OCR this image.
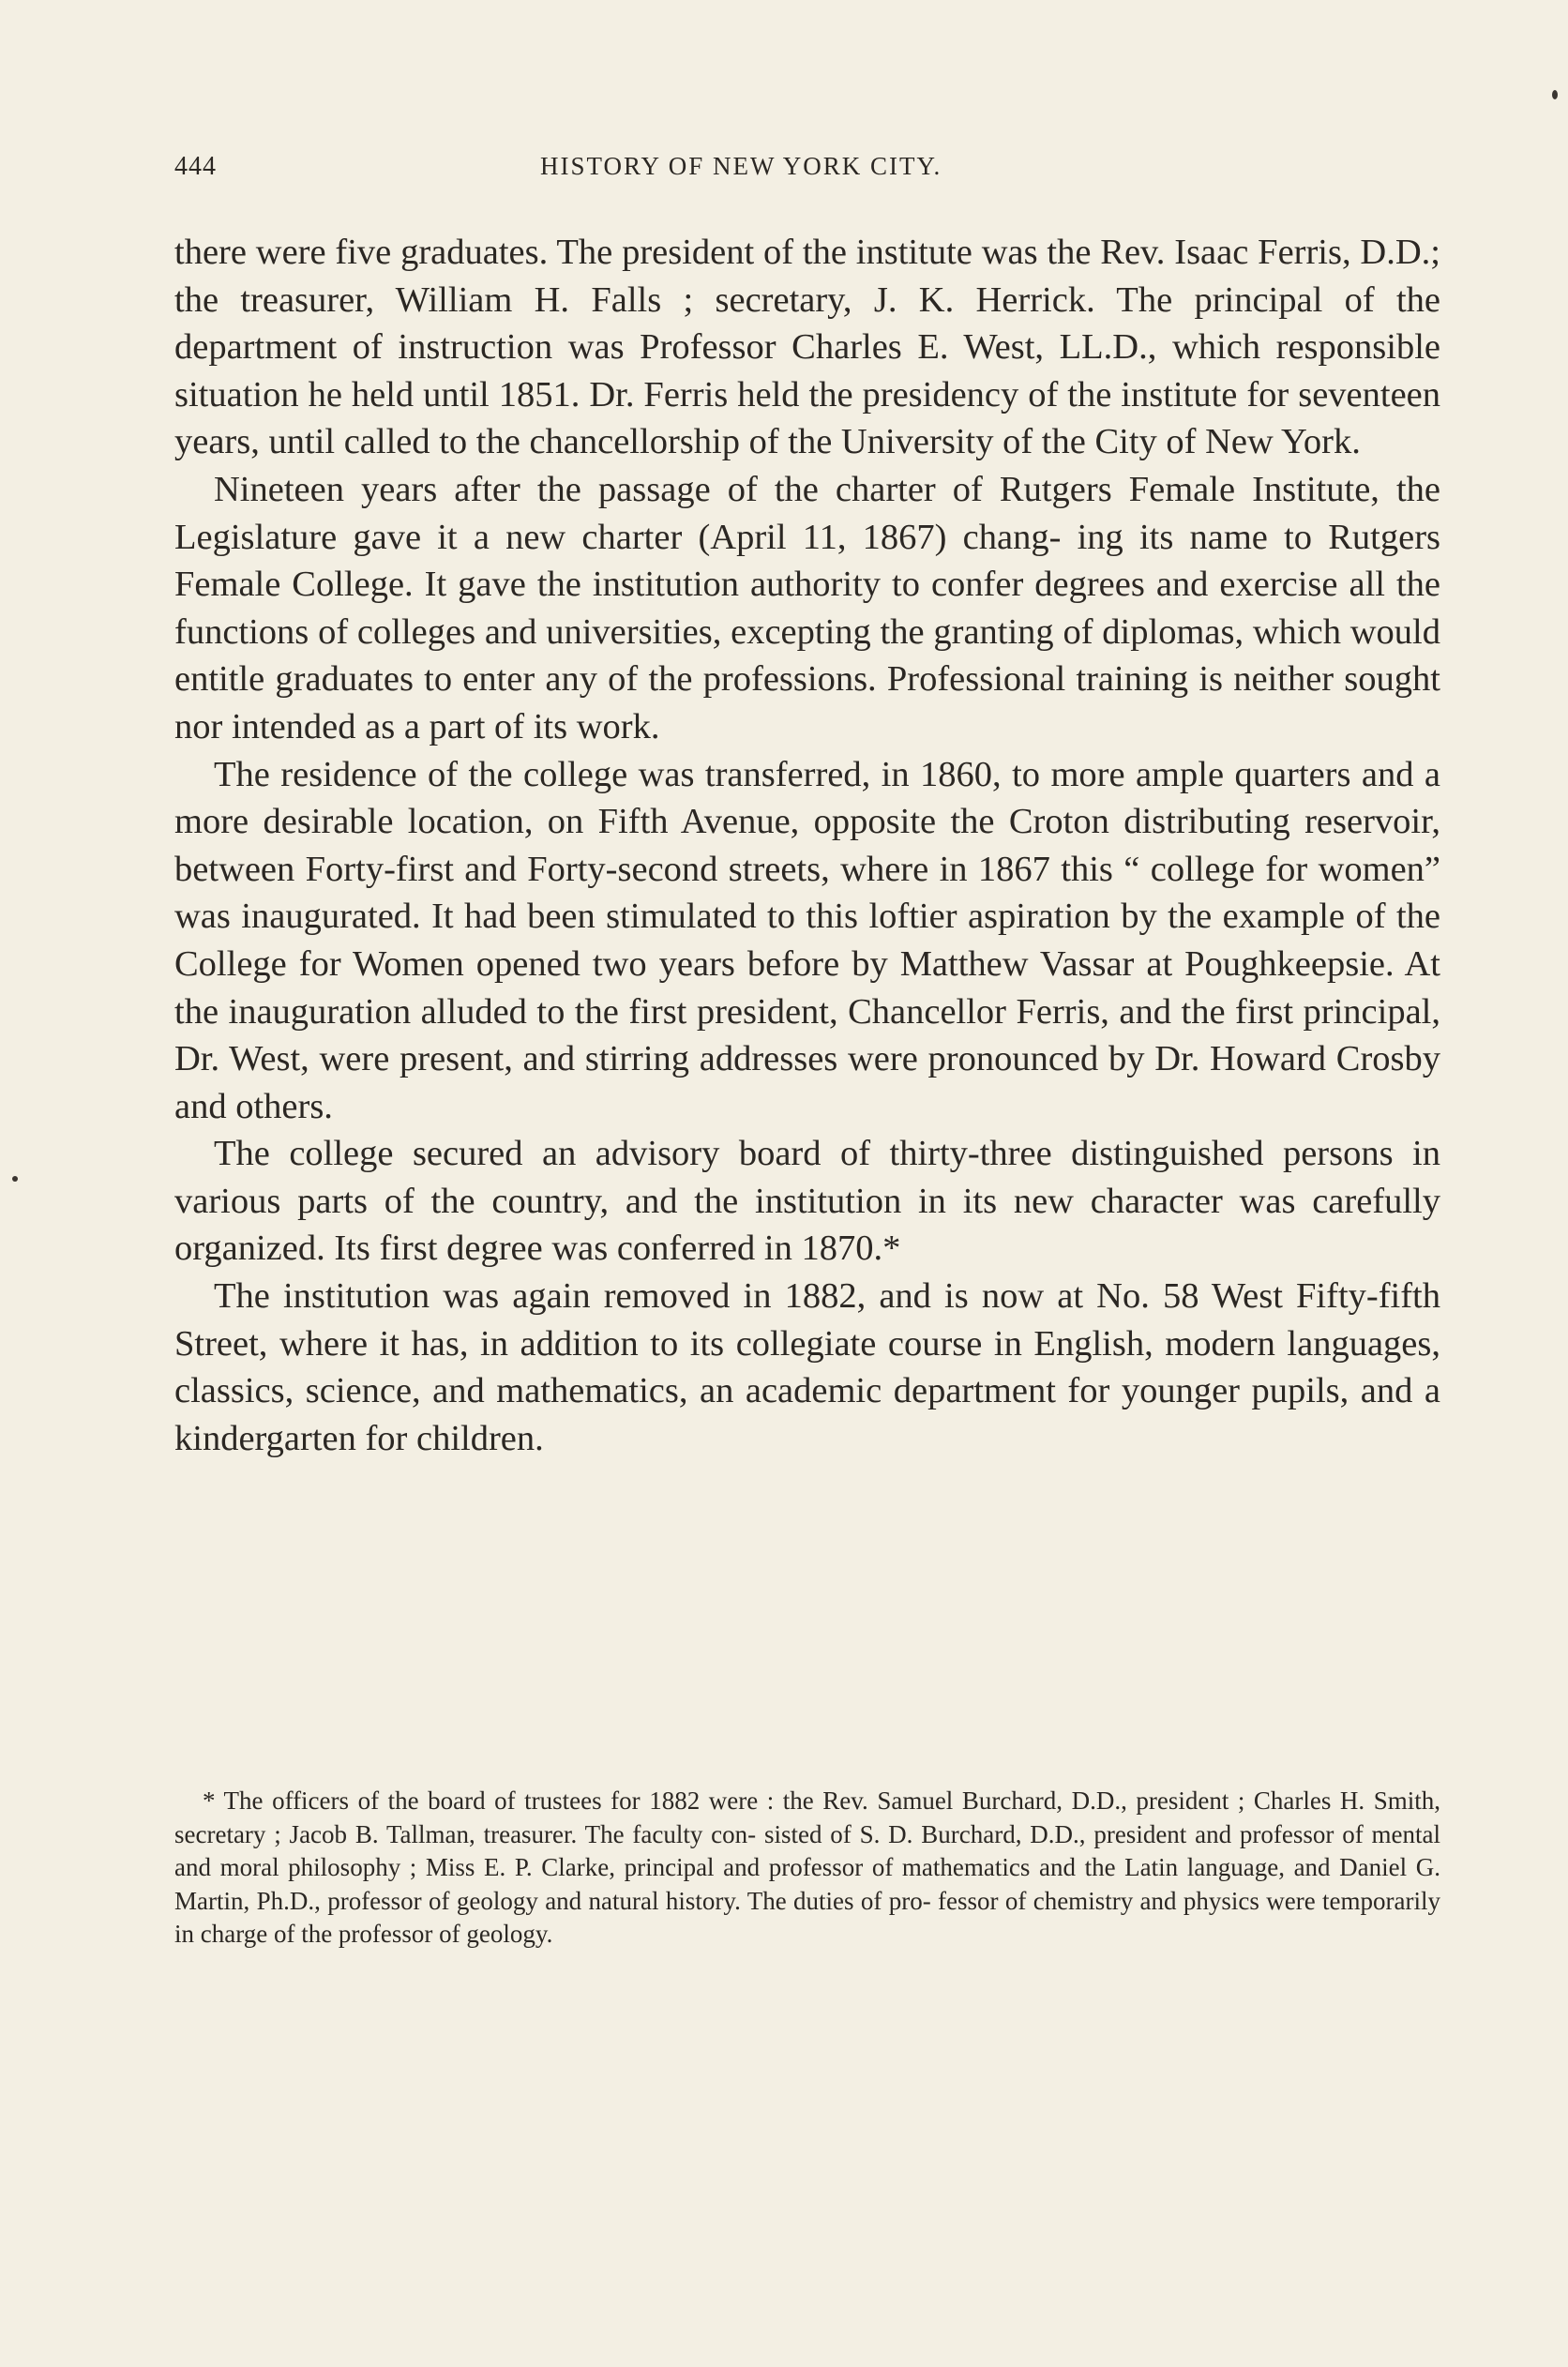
444	HISTORY OF NEW YORK CITY.

there were five graduates. The president of the institute was the Rev. Isaac Ferris, D.D.; the treasurer, William H. Falls ; secretary, J. K. Herrick. The principal of the department of instruction was Professor Charles E. West, LL.D., which responsible situation he held until 1851. Dr. Ferris held the presidency of the institute for seventeen years, until called to the chancellorship of the University of the City of New York.

Nineteen years after the passage of the charter of Rutgers Female Institute, the Legislature gave it a new charter (April 11, 1867) chang- ing its name to Rutgers Female College. It gave the institution authority to confer degrees and exercise all the functions of colleges and universities, excepting the granting of diplomas, which would entitle graduates to enter any of the professions. Professional training is neither sought nor intended as a part of its work.

The residence of the college was transferred, in 1860, to more ample quarters and a more desirable location, on Fifth Avenue, opposite the Croton distributing reservoir, between Forty-first and Forty-second streets, where in 1867 this “ college for women” was inaugurated. It had been stimulated to this loftier aspiration by the example of the College for Women opened two years before by Matthew Vassar at Poughkeepsie. At the inauguration alluded to the first president, Chancellor Ferris, and the first principal, Dr. West, were present, and stirring addresses were pronounced by Dr. Howard Crosby and others.

The college secured an advisory board of thirty-three distinguished persons in various parts of the country, and the institution in its new character was carefully organized. Its first degree was conferred in 1870.*

The institution was again removed in 1882, and is now at No. 58 West Fifty-fifth Street, where it has, in addition to its collegiate course in English, modern languages, classics, science, and mathematics, an academic department for younger pupils, and a kindergarten for children.

* The officers of the board of trustees for 1882 were : the Rev. Samuel Burchard, D.D., president ; Charles H. Smith, secretary ; Jacob B. Tallman, treasurer. The faculty con- sisted of S. D. Burchard, D.D., president and professor of mental and moral philosophy ; Miss E. P. Clarke, principal and professor of mathematics and the Latin language, and Daniel G. Martin, Ph.D., professor of geology and natural history. The duties of pro- fessor of chemistry and physics were temporarily in charge of the professor of geology.
